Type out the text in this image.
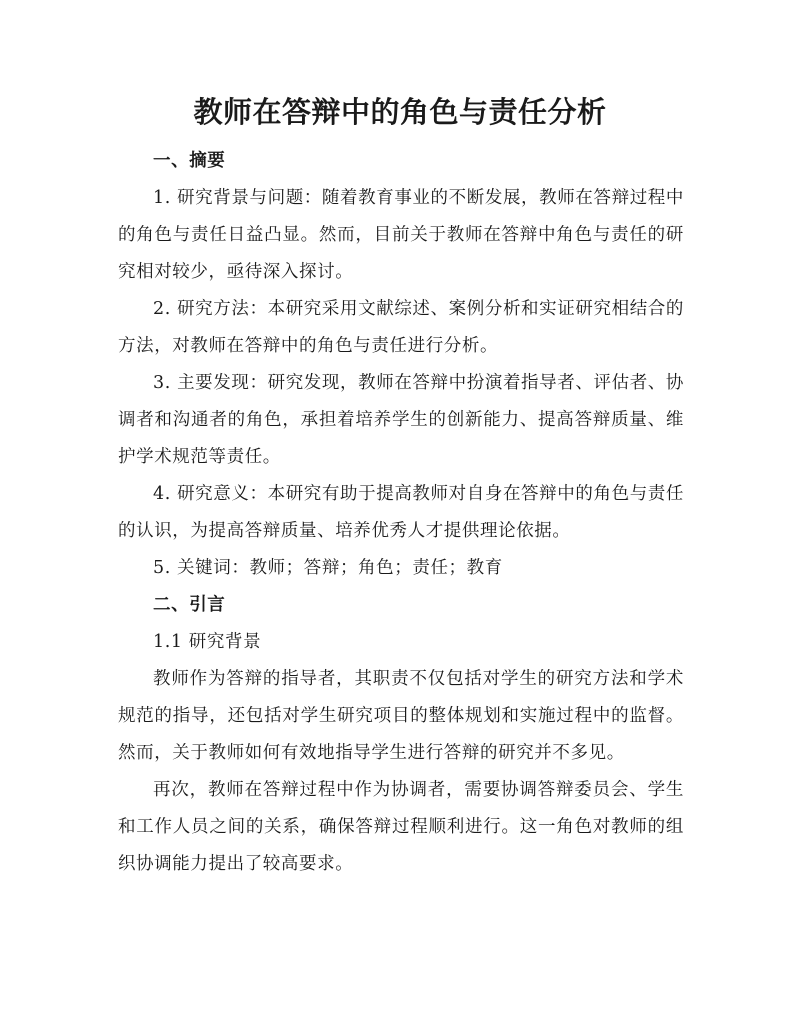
教师在答辩中的角色与责任分析

一、摘要

1. 研究背景与问题：随着教育事业的不断发展，教师在答辩过程中的角色与责任日益凸显。然而，目前关于教师在答辩中角色与责任的研究相对较少，亟待深入探讨。

2. 研究方法：本研究采用文献综述、案例分析和实证研究相结合的方法，对教师在答辩中的角色与责任进行分析。

3. 主要发现：研究发现，教师在答辩中扮演着指导者、评估者、协调者和沟通者的角色，承担着培养学生的创新能力、提高答辩质量、维护学术规范等责任。

4. 研究意义：本研究有助于提高教师对自身在答辩中的角色与责任的认识，为提高答辩质量、培养优秀人才提供理论依据。

5. 关键词：教师；答辩；角色；责任；教育

二、引言

1.1 研究背景

教师作为答辩的指导者，其职责不仅包括对学生的研究方法和学术规范的指导，还包括对学生研究项目的整体规划和实施过程中的监督。然而，关于教师如何有效地指导学生进行答辩的研究并不多见。

再次，教师在答辩过程中作为协调者，需要协调答辩委员会、学生和工作人员之间的关系，确保答辩过程顺利进行。这一角色对教师的组织协调能力提出了较高要求。
